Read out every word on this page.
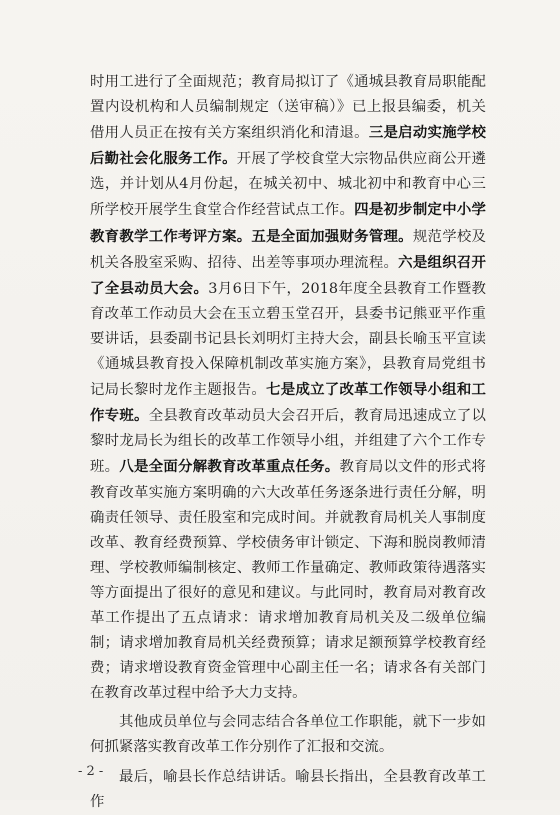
时用工进行了全面规范；教育局拟订了《通城县教育局职能配置内设机构和人员编制规定（送审稿）》已上报县编委，机关借用人员正在按有关方案组织消化和清退。三是启动实施学校后勤社会化服务工作。开展了学校食堂大宗物品供应商公开遴选，并计划从4月份起，在城关初中、城北初中和教育中心三所学校开展学生食堂合作经营试点工作。四是初步制定中小学教育教学工作考评方案。五是全面加强财务管理。规范学校及机关各股室采购、招待、出差等事项办理流程。六是组织召开了全县动员大会。3月6日下午，2018年度全县教育工作暨教育改革工作动员大会在玉立碧玉堂召开，县委书记熊亚平作重要讲话，县委副书记县长刘明灯主持大会，副县长喻玉平宣读《通城县教育投入保障机制改革实施方案》，县教育局党组书记局长黎时龙作主题报告。七是成立了改革工作领导小组和工作专班。全县教育改革动员大会召开后，教育局迅速成立了以黎时龙局长为组长的改革工作领导小组，并组建了六个工作专班。八是全面分解教育改革重点任务。教育局以文件的形式将教育改革实施方案明确的六大改革任务逐条进行责任分解，明确责任领导、责任股室和完成时间。并就教育局机关人事制度改革、教育经费预算、学校债务审计锁定、下海和脱岗教师清理、学校教师编制核定、教师工作量确定、教师政策待遇落实等方面提出了很好的意见和建议。与此同时，教育局对教育改革工作提出了五点请求：请求增加教育局机关及二级单位编制；请求增加教育局机关经费预算；请求足额预算学校教育经费；请求增设教育资金管理中心副主任一名；请求各有关部门在教育改革过程中给予大力支持。

其他成员单位与会同志结合各单位工作职能，就下一步如何抓紧落实教育改革工作分别作了汇报和交流。

最后，喻县长作总结讲话。喻县长指出，全县教育改革工作

- 2 -
